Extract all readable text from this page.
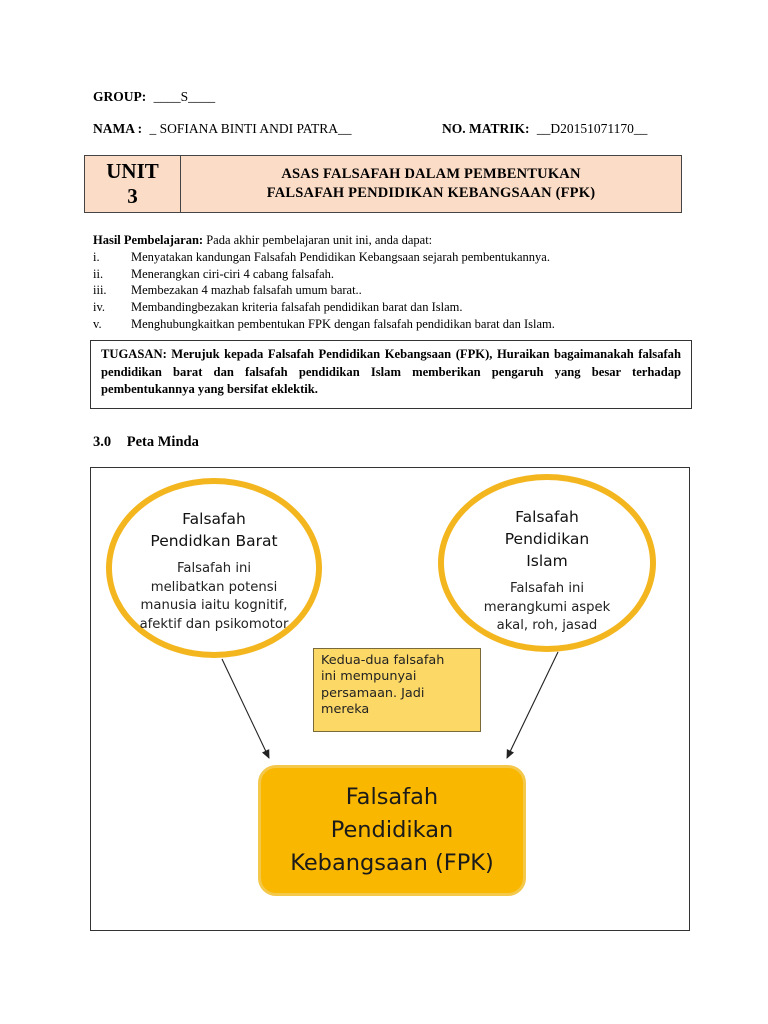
GROUP: ____S____
NAMA : _ SOFIANA BINTI ANDI PATRA__	NO. MATRIK: __D20151071170__
UNIT
3
ASAS FALSAFAH DALAM PEMBENTUKAN
FALSAFAH PENDIDIKAN KEBANGSAAN (FPK)
Hasil Pembelajaran: Pada akhir pembelajaran unit ini, anda dapat:
i.	Menyatakan kandungan Falsafah Pendidikan Kebangsaan sejarah pembentukannya.
ii.	Menerangkan ciri-ciri 4 cabang falsafah.
iii.	Membezakan 4 mazhab falsafah umum barat..
iv.	Membandingbezakan kriteria falsafah pendidikan barat dan Islam.
v.	Menghubungkaitkan pembentukan FPK dengan falsafah pendidikan barat dan Islam.
TUGASAN: Merujuk kepada Falsafah Pendidikan Kebangsaan (FPK), Huraikan bagaimanakah falsafah pendidikan barat dan falsafah pendidikan Islam memberikan pengaruh yang besar terhadap pembentukannya yang bersifat eklektik.
3.0 Peta Minda
Falsafah
Pendidkan Barat
Falsafah ini
melibatkan potensi
manusia iaitu kognitif,
afektif dan psikomotor
Falsafah
Pendidikan
Islam
Falsafah ini
merangkumi aspek
akal, roh, jasad
Kedua-dua falsafah
ini mempunyai
persamaan. Jadi
mereka
Falsafah
Pendidikan
Kebangsaan (FPK)
